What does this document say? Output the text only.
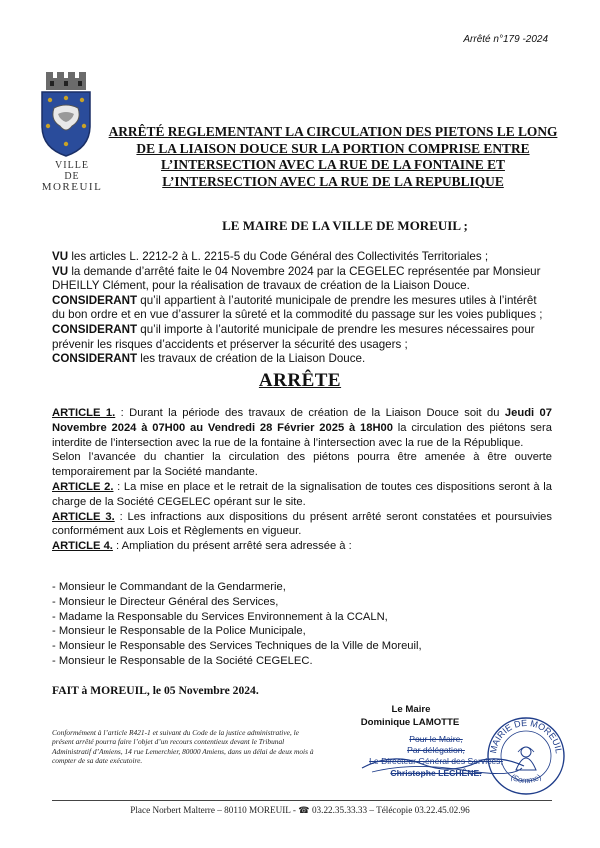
Arrêté n°179 -2024
VILLE
DE
MOREUIL
ARRÊTÉ REGLEMENTANT LA CIRCULATION DES PIETONS LE LONG DE LA LIAISON DOUCE SUR LA PORTION COMPRISE ENTRE L’INTERSECTION AVEC LA RUE DE LA FONTAINE ET L’INTERSECTION AVEC LA RUE DE LA REPUBLIQUE
LE MAIRE DE LA VILLE DE MOREUIL ;

VU les articles L. 2212-2 à L. 2215-5 du Code Général des Collectivités Territoriales ;

VU la demande d’arrêté faite le 04 Novembre 2024 par la CEGELEC représentée par Monsieur DHEILLY Clément, pour la réalisation de travaux de création de la Liaison Douce.

CONSIDERANT qu’il appartient à l’autorité municipale de prendre les mesures utiles à l’intérêt du bon ordre et en vue d’assurer la sûreté et la commodité du passage sur les voies publiques ;

CONSIDERANT qu’il importe à l’autorité municipale de prendre les mesures nécessaires pour prévenir les risques d’accidents et préserver la sécurité des usagers ;

CONSIDERANT les travaux de création de la Liaison Douce.

ARRÊTE

ARTICLE 1. : Durant la période des travaux de création de la Liaison Douce soit du Jeudi 07 Novembre 2024 à 07H00 au Vendredi 28 Février 2025 à 18H00 la circulation des piétons sera interdite de l’intersection avec la rue de la fontaine à l’intersection avec la rue de la République.

Selon l’avancée du chantier la circulation des piétons pourra être amenée à être ouverte temporairement par la Société mandante.

ARTICLE 2. : La mise en place et le retrait de la signalisation de toutes ces dispositions seront à la charge de la Société CEGELEC opérant sur le site.

ARTICLE 3. : Les infractions aux dispositions du présent arrêté seront constatées et poursuivies conformément aux Lois et Règlements en vigueur.

ARTICLE 4. : Ampliation du présent arrêté sera adressée à :

- Monsieur le Commandant de la Gendarmerie,
- Monsieur le Directeur Général des Services,
- Madame la Responsable du Services Environnement à la CCALN,
- Monsieur le Responsable de la Police Municipale,
- Monsieur le Responsable des Services Techniques de la Ville de Moreuil,
- Monsieur le Responsable de la Société CEGELEC.
FAIT à MOREUIL, le 05 Novembre 2024.
Le Maire
Dominique LAMOTTE
Conformément à l’article R421-1 et suivant du Code de la justice administrative, le présent arrêté pourra faire l’objet d’un recours contentieux devant le Tribunal Administratif d’Amiens, 14 rue Lemerchier, 80000 Amiens, dans un délai de deux mois à compter de sa date exécutoire.
Pour le Maire,
Par délégation,
Le Directeur Général des Services,
Christophe LECHÊNE.
MAIRIE DE MOREUIL
(Somme)
Place Norbert Malterre – 80110 MOREUIL - ☎ 03.22.35.33.33 – Télécopie 03.22.45.02.96
